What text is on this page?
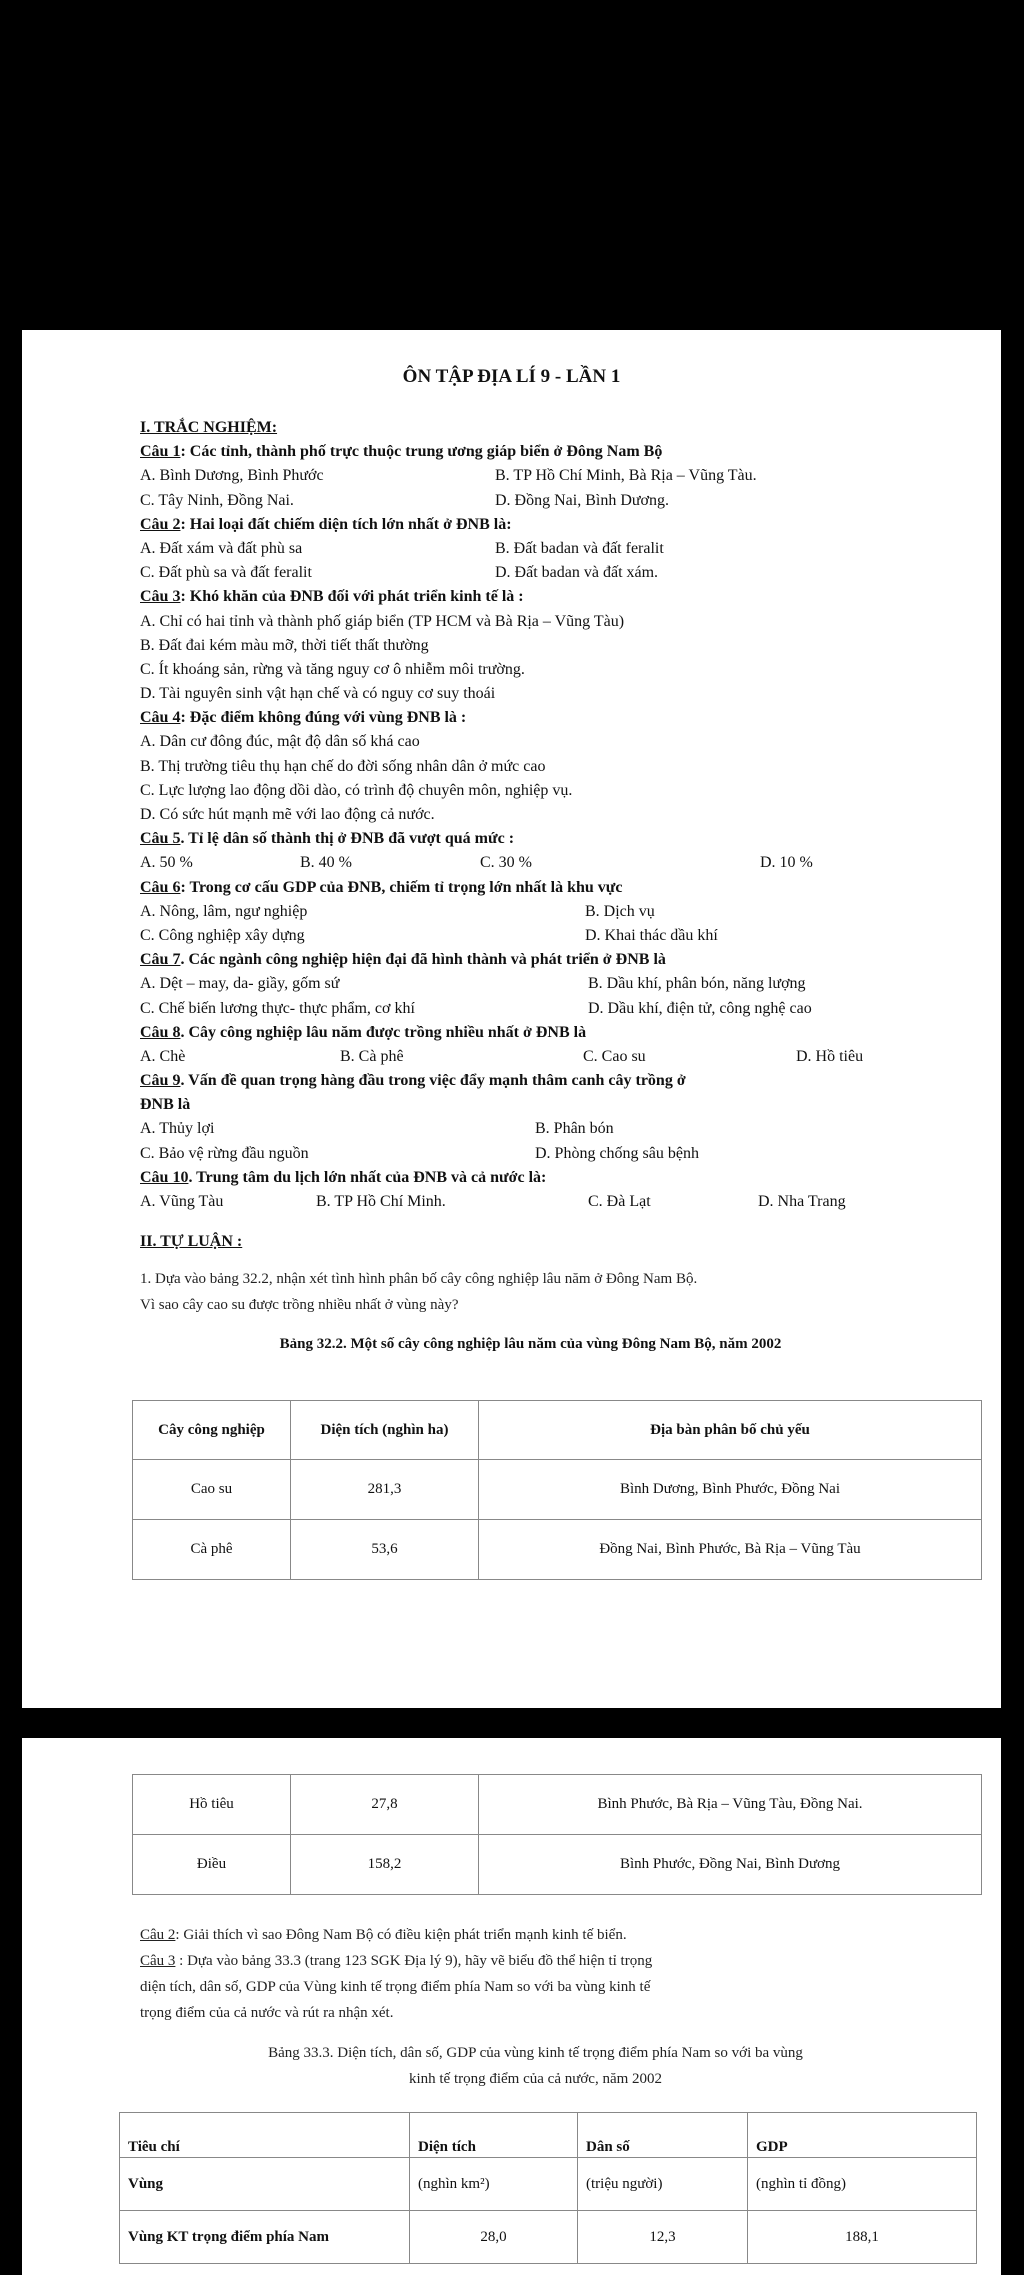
ÔN TẬP ĐỊA LÍ 9 - LẦN 1
I. TRẮC NGHIỆM:
Câu 1 : Các tỉnh, thành phố trực thuộc trung ương giáp biển ở Đông Nam Bộ
A. Bình Dương, Bình Phước	B. TP Hồ Chí Minh, Bà Rịa – Vũng Tàu.
C. Tây Ninh, Đồng Nai.	D. Đồng Nai, Bình Dương.
Câu 2 : Hai loại đất chiếm diện tích lớn nhất ở ĐNB là:
A. Đất xám và đất phù sa	B. Đất badan và đất feralit
C. Đất phù sa và đất feralit	D. Đất badan và đất xám.
Câu 3 : Khó khăn của ĐNB đối với phát triển kinh tế là :
A. Chỉ có hai tỉnh và thành phố giáp biển (TP HCM và Bà Rịa – Vũng Tàu)
B. Đất đai kém màu mỡ, thời tiết thất thường
C. Ít khoáng sản, rừng và tăng nguy cơ ô nhiễm môi trường.
D. Tài nguyên sinh vật hạn chế và có nguy cơ suy thoái
Câu 4 : Đặc điểm không đúng với vùng ĐNB là :
A. Dân cư đông đúc, mật độ dân số khá cao
B. Thị trường tiêu thụ hạn chế do đời sống nhân dân ở mức cao
C. Lực lượng lao động dồi dào, có trình độ chuyên môn, nghiệp vụ.
D. Có sức hút mạnh mẽ với lao động cả nước.
Câu 5 . Tỉ lệ dân số thành thị ở ĐNB đã vượt quá mức :
A. 50 %	B. 40 %	C. 30 %	D. 10 %
Câu 6 : Trong cơ cấu GDP của ĐNB, chiếm tỉ trọng lớn nhất là khu vực
A. Nông, lâm, ngư nghiệp	B. Dịch vụ
C. Công nghiệp xây dựng	D. Khai thác dầu khí
Câu 7 . Các ngành công nghiệp hiện đại đã hình thành và phát triển ở ĐNB là
A. Dệt – may, da- giầy, gốm sứ	B. Dầu khí, phân bón, năng lượng
C. Chế biến lương thực- thực phẩm, cơ khí	D. Dầu khí, điện tử, công nghệ cao
Câu 8 . Cây công nghiệp lâu năm được trồng nhiều nhất ở ĐNB là
A. Chè	B. Cà phê	C. Cao su	D. Hồ tiêu
Câu 9 . Vấn đề quan trọng hàng đầu trong việc đẩy mạnh thâm canh cây trồng ở
ĐNB là
A. Thủy lợi	B. Phân bón
C. Bảo vệ rừng đầu nguồn	D. Phòng chống sâu bệnh
Câu 10 . Trung tâm du lịch lớn nhất của ĐNB và cả nước là:
A. Vũng Tàu	B. TP Hồ Chí Minh.	C. Đà Lạt	D. Nha Trang
II. TỰ LUẬN :
1. Dựa vào bảng 32.2, nhận xét tình hình phân bố cây công nghiệp lâu năm ở Đông Nam Bộ.
Vì sao cây cao su được trồng nhiều nhất ở vùng này?
Bảng 32.2. Một số cây công nghiệp lâu năm của vùng Đông Nam Bộ, năm 2002
Cây công nghiệp	Diện tích (nghìn ha)	Địa bàn phân bố chủ yếu
Cao su	281,3	Bình Dương, Bình Phước, Đồng Nai
Cà phê	53,6	Đồng Nai, Bình Phước, Bà Rịa – Vũng Tàu
Hồ tiêu	27,8	Bình Phước, Bà Rịa – Vũng Tàu, Đồng Nai.
Điều	158,2	Bình Phước, Đồng Nai, Bình Dương
Câu 2: Giải thích vì sao Đông Nam Bộ có điều kiện phát triển mạnh kinh tế biển.
Câu 3 : Dựa vào bảng 33.3 (trang 123 SGK Địa lý 9), hãy vẽ biểu đồ thể hiện tỉ trọng
diện tích, dân số, GDP của Vùng kinh tế trọng điểm phía Nam so với ba vùng kinh tế
trọng điểm của cả nước và rút ra nhận xét.
Bảng 33.3. Diện tích, dân số, GDP của vùng kinh tế trọng điểm phía Nam so với ba vùng
kinh tế trọng điểm của cả nước, năm 2002
Tiêu chí	Diện tích	Dân số	GDP
Vùng	(nghìn km²)	(triệu người)	(nghìn tỉ đồng)
Vùng KT trọng điểm phía Nam	28,0	12,3	188,1
